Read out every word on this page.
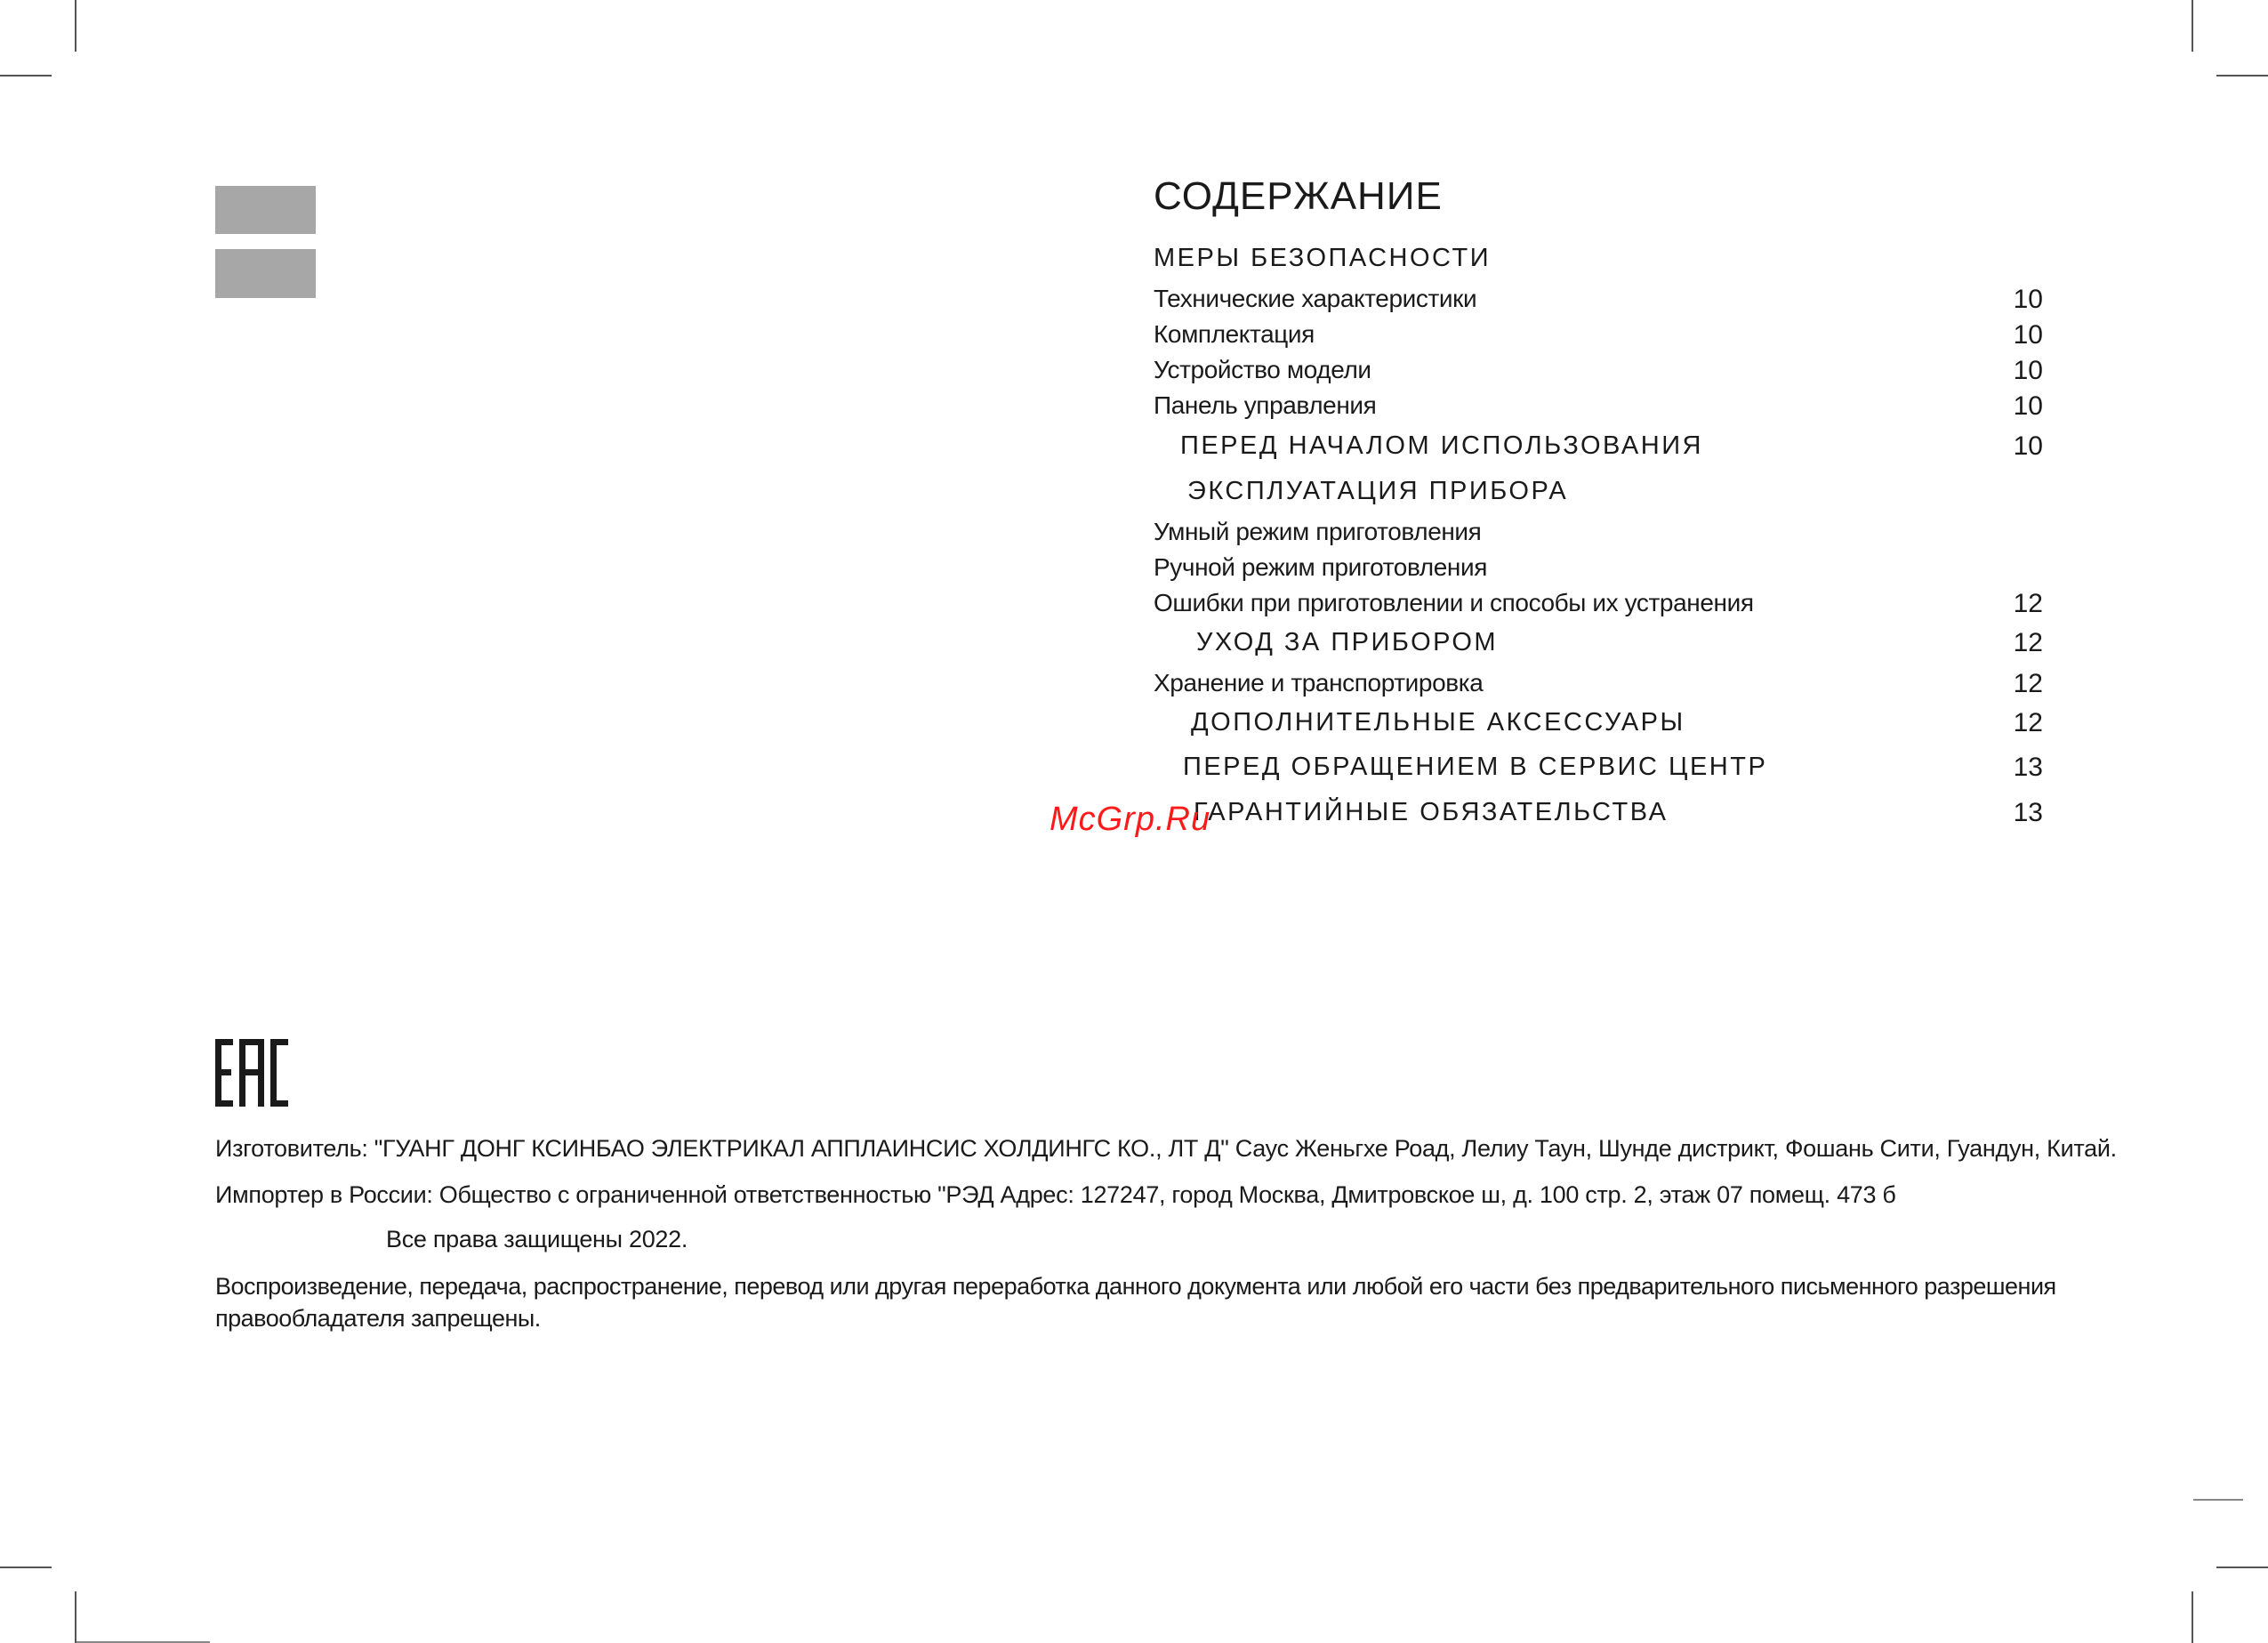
СОДЕРЖАНИЕ
МЕРЫ БЕЗОПАСНОСТИ
Технические характеристики	10
Комплектация	10
Устройство модели	10
Панель управления	10
ПЕРЕД НАЧАЛОМ ИСПОЛЬЗОВАНИЯ	10
ЭКСПЛУАТАЦИЯ ПРИБОРА
Умный режим приготовления
Ручной режим приготовления
Ошибки при приготовлении и способы их устранения	12
УХОД ЗА ПРИБОРОМ	12
Хранение и транспортировка	12
ДОПОЛНИТЕЛЬНЫЕ АКСЕССУАРЫ	12
ПЕРЕД ОБРАЩЕНИЕМ В СЕРВИС ЦЕНТР	13
ГАРАНТИЙНЫЕ ОБЯЗАТЕЛЬСТВА	13
McGrp.Ru
Изготовитель: "ГУАНГ ДОНГ КСИНБАО ЭЛЕКТРИКАЛ АППЛАИНСИС ХОЛДИНГС КО., ЛТ Д" Саус Женьгхе Роад, Лелиу Таун, Шунде дистрикт, Фошань Сити, Гуандун, Китай.
Импортер в России: Общество с ограниченной ответственностью "РЭД Адрес: 127247, город Москва, Дмитровское ш, д. 100 стр. 2, этаж 07 помещ. 473 б
Все права защищены 2022.
Воспроизведение, передача, распространение, перевод или другая переработка данного документа или любой его части без предварительного письменного разрешения правообладателя запрещены.
